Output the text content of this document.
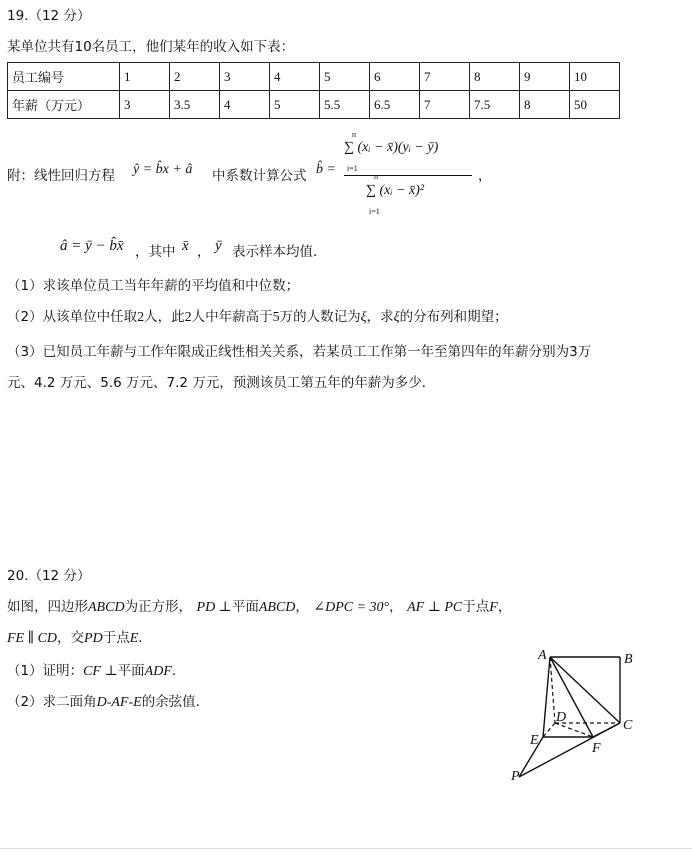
19.（12 分）
某单位共有10名员工，他们某年的收入如下表：
员工编号	1	2	3	4	5	6	7	8	9	10
年薪（万元）	3	3.5	4	5	5.5	6.5	7	7.5	8	50
附：线性回归方程 ŷ = b̂x + â 中系数计算公式 b̂ =
n
∑ (xᵢ − x̄)(yᵢ − ȳ)
i=1
n
∑ (xᵢ − x̄)²
i=1
，
â = ȳ − b̂x̄ ，其中 x̄ ， ȳ 表示样本均值．
（1）求该单位员工当年年薪的平均值和中位数；
（2）从该单位中任取2人，此2人中年薪高于5万的人数记为ξ，求ξ的分布列和期望；
（3）已知员工年薪与工作年限成正线性相关关系，若某员工工作第一年至第四年的年薪分别为3万
元、4.2 万元、5.6 万元、7.2 万元，预测该员工第五年的年薪为多少．
20.（12 分）
如图，四边形ABCD为正方形， PD ⊥平面ABCD， ∠DPC = 30°， AF ⊥ PC于点F，
FE ∥ CD，交PD于点E．
（1）证明：CF ⊥平面ADF.
（2）求二面角D-AF-E的余弦值．
A	B
C
D
E
F
P
